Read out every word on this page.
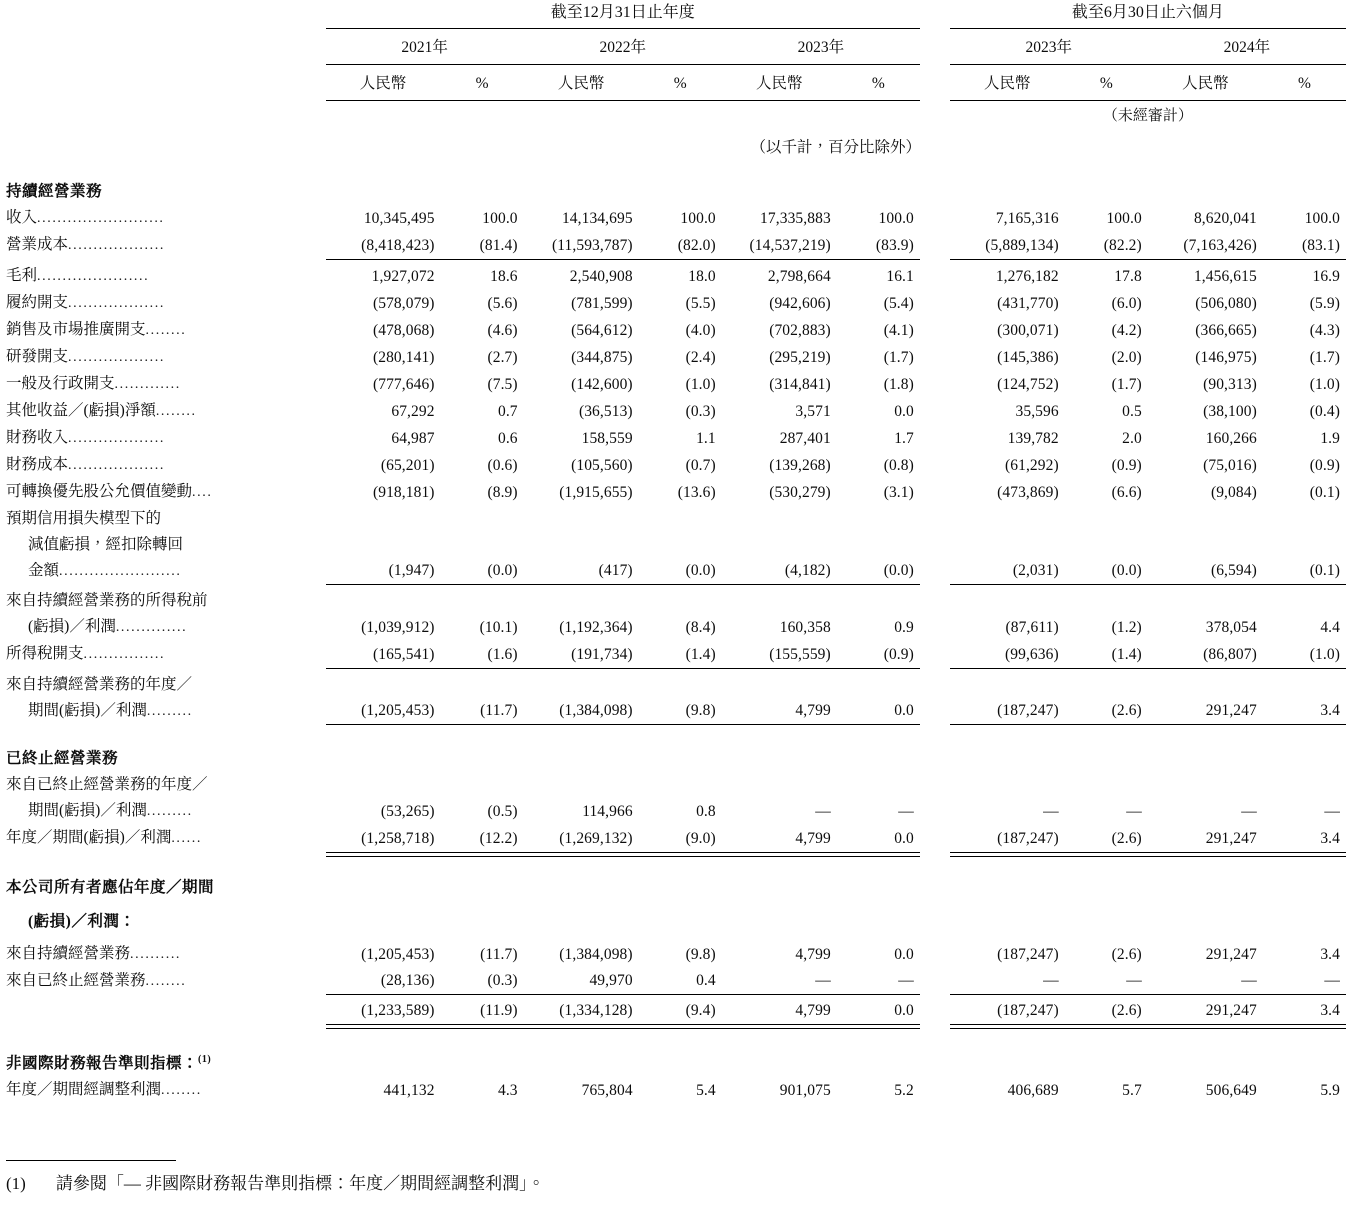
	截至12月31日止年度							截至6月30日止六個月			

	2021年		2022年		2023年			2023年		2024年	

	人民幣	%	人民幣	%	人民幣	%		人民幣	%	人民幣	%
								（未經審計）			
	（以千計，百分比除外）										
持續經營業務											
收入.........................	10,345,495	100.0	14,134,695	100.0	17,335,883	100.0		7,165,316	100.0	8,620,041	100.0
營業成本...................	(8,418,423)	(81.4)	(11,593,787)	(82.0)	(14,537,219)	(83.9)		(5,889,134)	(82.2)	(7,163,426)	(83.1)

毛利......................	1,927,072	18.6	2,540,908	18.0	2,798,664	16.1		1,276,182	17.8	1,456,615	16.9
履約開支...................	(578,079)	(5.6)	(781,599)	(5.5)	(942,606)	(5.4)		(431,770)	(6.0)	(506,080)	(5.9)
銷售及市場推廣開支........	(478,068)	(4.6)	(564,612)	(4.0)	(702,883)	(4.1)		(300,071)	(4.2)	(366,665)	(4.3)
研發開支...................	(280,141)	(2.7)	(344,875)	(2.4)	(295,219)	(1.7)		(145,386)	(2.0)	(146,975)	(1.7)
一般及行政開支.............	(777,646)	(7.5)	(142,600)	(1.0)	(314,841)	(1.8)		(124,752)	(1.7)	(90,313)	(1.0)
其他收益／(虧損)淨額........	67,292	0.7	(36,513)	(0.3)	3,571	0.0		35,596	0.5	(38,100)	(0.4)
財務收入...................	64,987	0.6	158,559	1.1	287,401	1.7		139,782	2.0	160,266	1.9
財務成本...................	(65,201)	(0.6)	(105,560)	(0.7)	(139,268)	(0.8)		(61,292)	(0.9)	(75,016)	(0.9)
可轉換優先股公允價值變動....	(918,181)	(8.9)	(1,915,655)	(13.6)	(530,279)	(3.1)		(473,869)	(6.6)	(9,084)	(0.1)
預期信用損失模型下的											
減值虧損，經扣除轉回											
金額........................	(1,947)	(0.0)	(417)	(0.0)	(4,182)	(0.0)		(2,031)	(0.0)	(6,594)	(0.1)

來自持續經營業務的所得稅前											
(虧損)／利潤..............	(1,039,912)	(10.1)	(1,192,364)	(8.4)	160,358	0.9		(87,611)	(1.2)	378,054	4.4
所得稅開支................	(165,541)	(1.6)	(191,734)	(1.4)	(155,559)	(0.9)		(99,636)	(1.4)	(86,807)	(1.0)

來自持續經營業務的年度／											
期間(虧損)／利潤.........	(1,205,453)	(11.7)	(1,384,098)	(9.8)	4,799	0.0		(187,247)	(2.6)	291,247	3.4

已終止經營業務											
來自已終止經營業務的年度／											
期間(虧損)／利潤.........	(53,265)	(0.5)	114,966	0.8	—	—		—	—	—	—
年度／期間(虧損)／利潤......	(1,258,718)	(12.2)	(1,269,132)	(9.0)	4,799	0.0		(187,247)	(2.6)	291,247	3.4

本公司所有者應佔年度／期間											
(虧損)／利潤：											

來自持續經營業務..........	(1,205,453)	(11.7)	(1,384,098)	(9.8)	4,799	0.0		(187,247)	(2.6)	291,247	3.4
來自已終止經營業務........	(28,136)	(0.3)	49,970	0.4	—	—		—	—	—	—

	(1,233,589)	(11.9)	(1,334,128)	(9.4)	4,799	0.0		(187,247)	(2.6)	291,247	3.4

非國際財務報告準則指標：$^{(1)}$	
年度／期間經調整利潤........	441,132	4.3	765,804	5.4	901,075	5.2		406,689	5.7	506,649	5.9
(1) 請參閱「— 非國際財務報告準則指標：年度／期間經調整利潤」。
